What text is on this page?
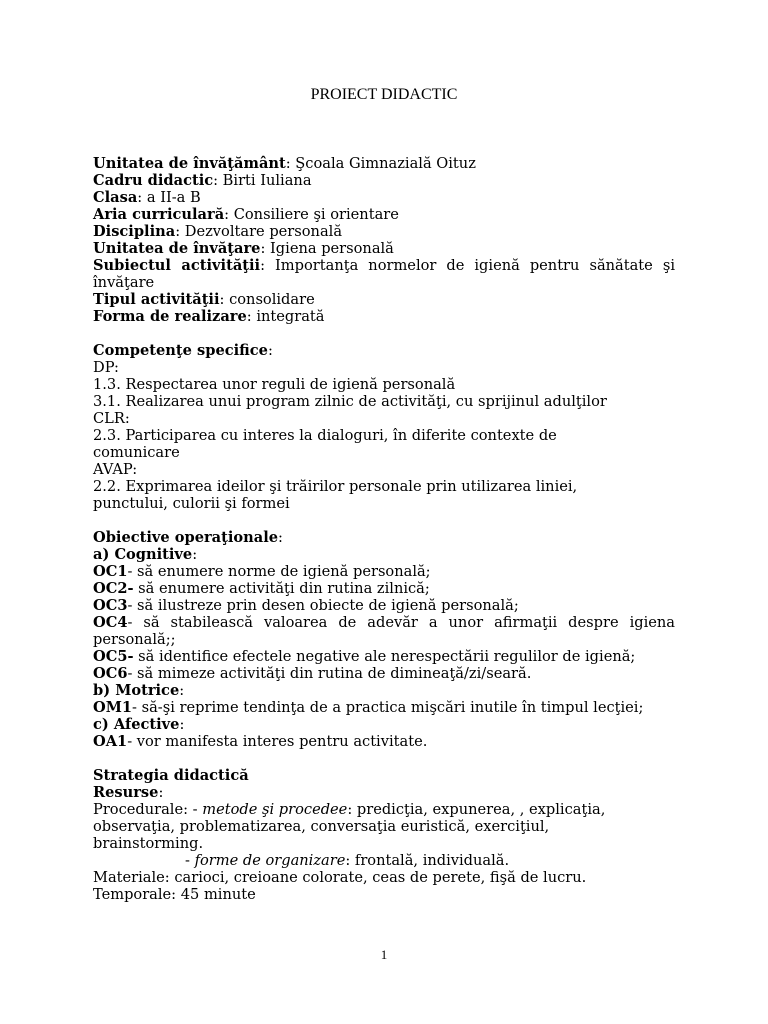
PROIECT DIDACTIC
Unitatea de învăţământ: Şcoala Gimnazială Oituz
Cadru didactic: Birti Iuliana
Clasa: a II-a B
Aria curriculară: Consiliere şi orientare
Disciplina: Dezvoltare personală
Unitatea de învăţare: Igiena personală
Subiectul activităţii: Importanţa normelor de igienă pentru sănătate şi învăţare
Tipul activităţii: consolidare
Forma de realizare: integrată
Competenţe specifice:
DP:
1.3. Respectarea unor reguli de igienă personală
3.1. Realizarea unui program zilnic de activităţi, cu sprijinul adulţilor
CLR:
2.3. Participarea cu interes la dialoguri, în diferite contexte de comunicare
AVAP:
2.2. Exprimarea ideilor şi trăirilor personale prin utilizarea liniei, punctului, culorii şi formei
Obiective operaţionale:
a) Cognitive:
OC1- să enumere norme de igienă personală;
OC2- să enumere activităţi din rutina zilnică;
OC3- să ilustreze prin desen obiecte de igienă personală;
OC4- să stabilească valoarea de adevăr a unor afirmaţii despre igiena personală;;
OC5- să identifice efectele negative ale nerespectării regulilor de igienă;
OC6- să mimeze activităţi din rutina de dimineaţă/zi/seară.
b) Motrice:
OM1- să-şi reprime tendinţa de a practica mişcări inutile în timpul lecţiei;
c) Afective:
OA1- vor manifesta interes pentru activitate.
Strategia didactică
Resurse:
Procedurale: - metode şi procedee: predicţia, expunerea, , explicaţia, observaţia, problematizarea, conversaţia euristică, exerciţiul, brainstorming.
- forme de organizare: frontală, individuală.
Materiale: carioci, creioane colorate, ceas de perete, fişă de lucru.
Temporale: 45 minute
1
